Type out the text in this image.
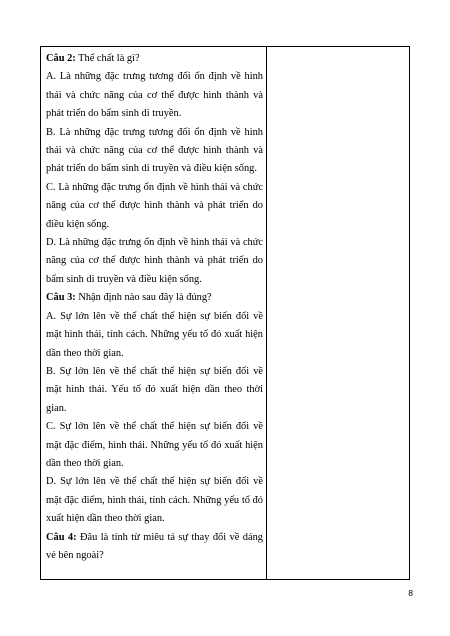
Câu 2: Thể chất là gì?

A. Là những đặc trưng tương đối ổn định về hình thái và chức năng của cơ thể được hình thành và phát triển do bẩm sinh di truyền.

B. Là những đặc trưng tương đối ổn định về hình thái và chức năng của cơ thể được hình thành và phát triển do bẩm sinh di truyền và điều kiện sống.

C. Là những đặc trưng ổn định về hình thái và chức năng của cơ thể được hình thành và phát triển do điều kiện sống.

D. Là những đặc trưng ổn định về hình thái và chức năng của cơ thể được hình thành và phát triển do bẩm sinh di truyền và điều kiện sống.

Câu 3: Nhận định nào sau đây là đúng?

A. Sự lớn lên về thể chất thể hiện sự biến đổi về mặt hình thái, tính cách. Những yếu tố đó xuất hiện dần theo thời gian.

B. Sự lớn lên về thể chất thể hiện sự biến đổi về mặt hình thái. Yếu tố đó xuất hiện dần theo thời gian.

C. Sự lớn lên về thể chất thể hiện sự biến đổi về mặt đặc điểm, hình thái. Những yếu tố đó xuất hiện dần theo thời gian.

D. Sự lớn lên về thể chất thể hiện sự biến đổi về mặt đặc điểm, hình thái, tính cách. Những yếu tố đó xuất hiện dần theo thời gian.

Câu 4: Đâu là tính từ miêu tả sự thay đổi về dáng vẻ bên ngoài?

8
